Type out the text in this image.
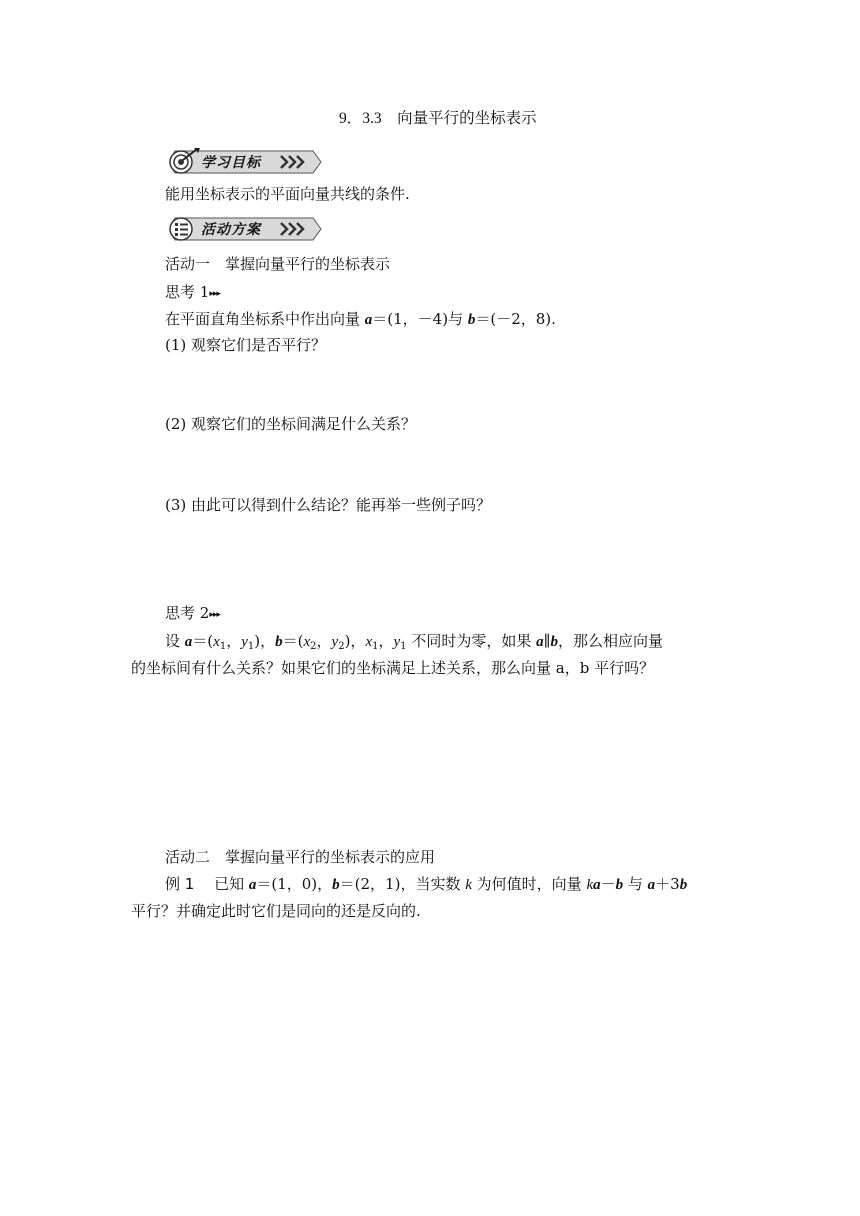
9．3.3　向量平行的坐标表示
学习目标
能用坐标表示的平面向量共线的条件.
活动方案
活动一　掌握向量平行的坐标表示
思考 1▸▸▸
在平面直角坐标系中作出向量 a＝(1，－4)与 b＝(－2，8).
(1) 观察它们是否平行？
(2) 观察它们的坐标间满足什么关系？
(3) 由此可以得到什么结论？能再举一些例子吗？
思考 2▸▸▸
设 $a=(x_1$，$y_1$)，$b=(x_2$，$y_2$)，$x_1$，$y_1$ 不同时为零，如果 a∥b，那么相应向量
的坐标间有什么关系？如果它们的坐标满足上述关系，那么向量 a，b 平行吗？
活动二　掌握向量平行的坐标表示的应用
例 1　 已知 a＝(1，0)，b＝(2，1)，当实数 k 为何值时，向量 ka－b 与 a＋3b
平行？并确定此时它们是同向的还是反向的.
